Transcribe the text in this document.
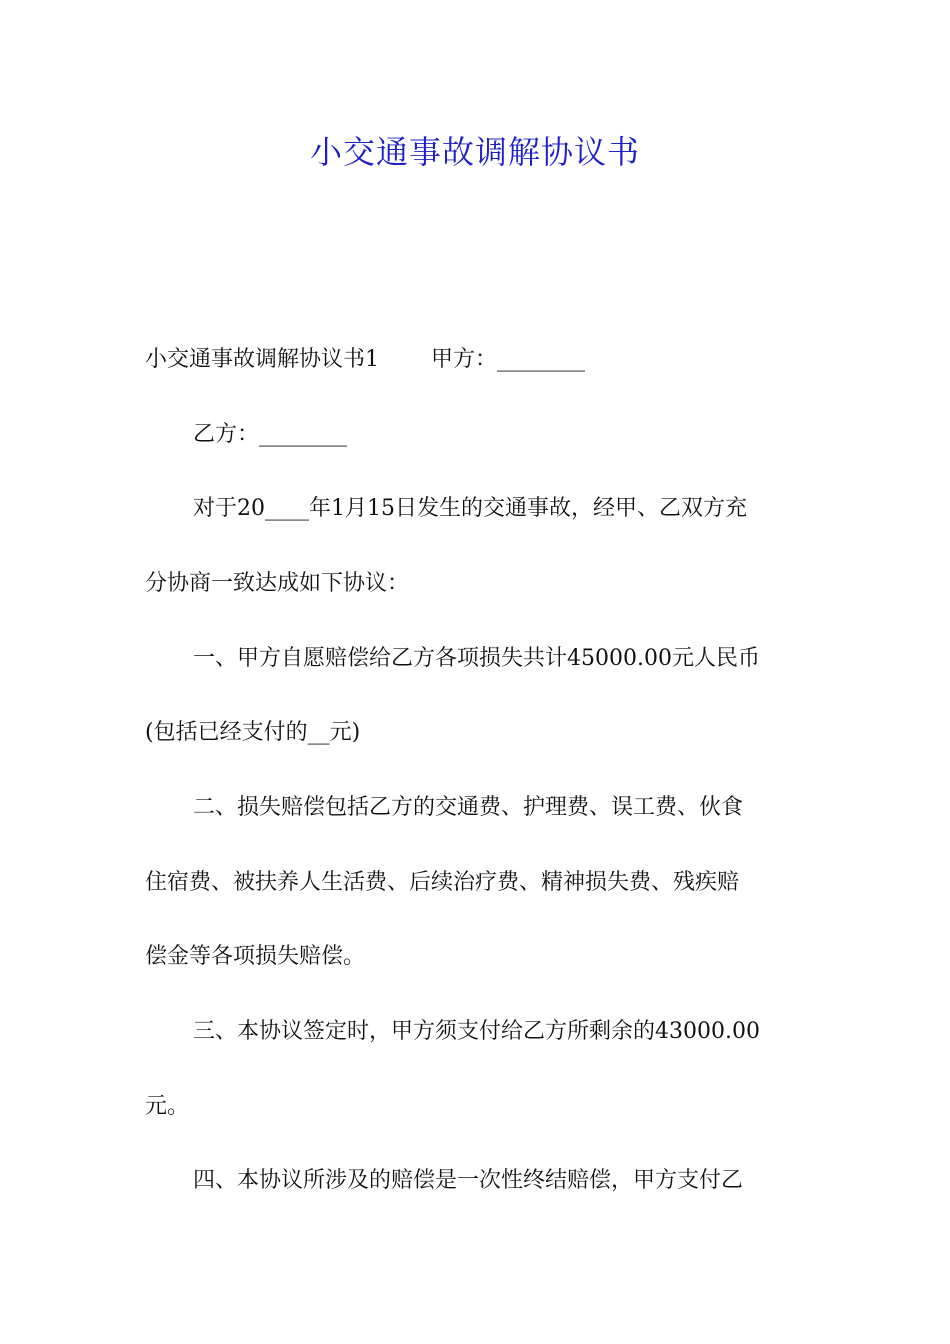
小交通事故调解协议书
小交通事故调解协议书1 甲方：________
乙方：________
对于20____年1月15日发生的交通事故，经甲、乙双方充
分协商一致达成如下协议：
一、甲方自愿赔偿给乙方各项损失共计45000.00元人民币
(包括已经支付的__元)
二、损失赔偿包括乙方的交通费、护理费、误工费、伙食
住宿费、被扶养人生活费、后续治疗费、精神损失费、残疾赔
偿金等各项损失赔偿。
三、本协议签定时，甲方须支付给乙方所剩余的43000.00
元。
四、本协议所涉及的赔偿是一次性终结赔偿，甲方支付乙
